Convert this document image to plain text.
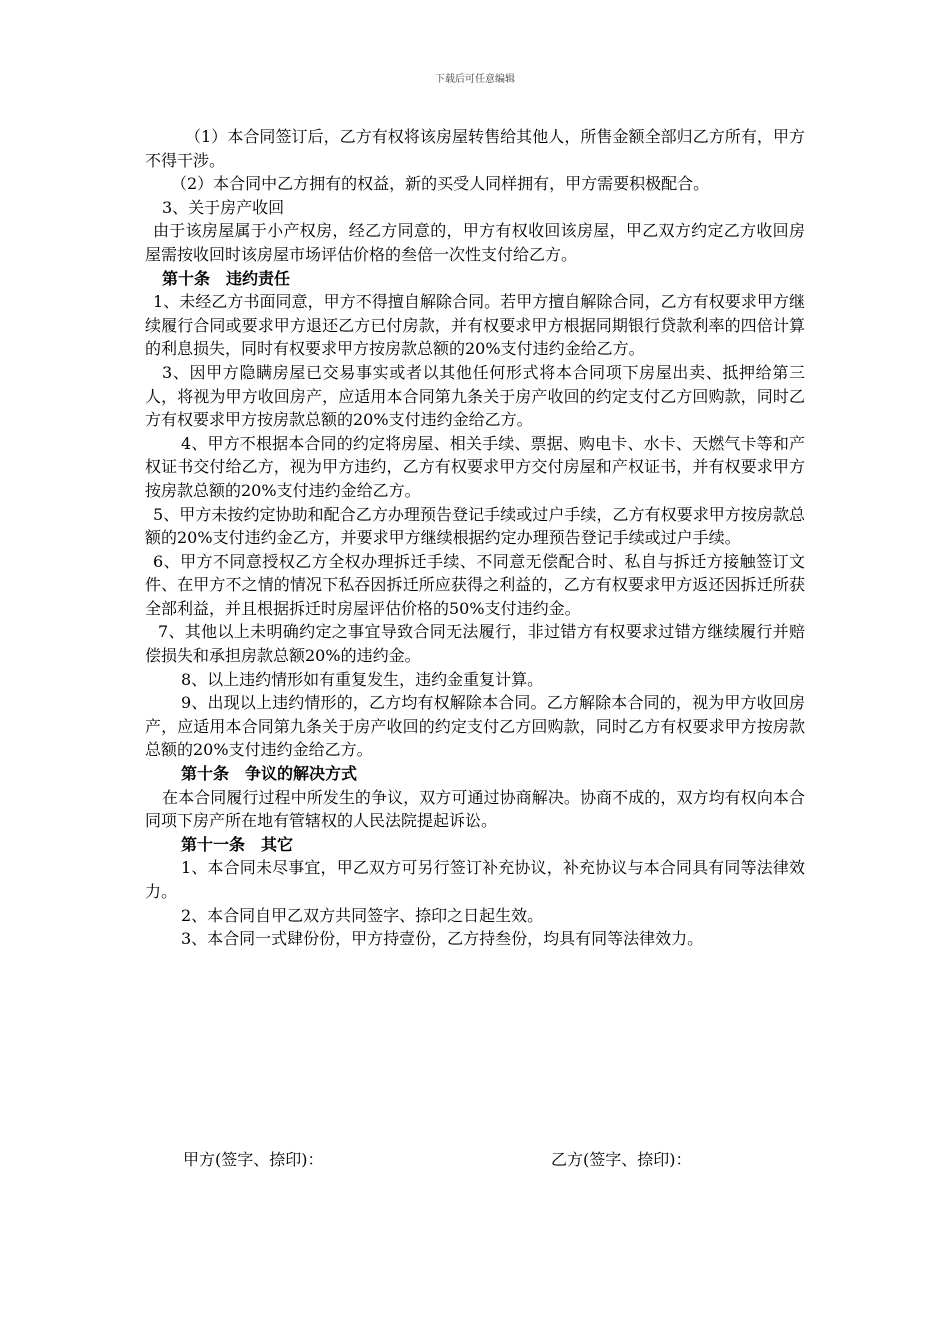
下载后可任意编辑

（1）本合同签订后，乙方有权将该房屋转售给其他人，所售金额全部归乙方所有，甲方不得干涉。

（2）本合同中乙方拥有的权益，新的买受人同样拥有，甲方需要积极配合。

3、关于房产收回

由于该房屋属于小产权房，经乙方同意的，甲方有权收回该房屋，甲乙双方约定乙方收回房屋需按收回时该房屋市场评估价格的叁倍一次性支付给乙方。

第十条　违约责任

1、未经乙方书面同意，甲方不得擅自解除合同。若甲方擅自解除合同，乙方有权要求甲方继续履行合同或要求甲方退还乙方已付房款，并有权要求甲方根据同期银行贷款利率的四倍计算的利息损失，同时有权要求甲方按房款总额的20%支付违约金给乙方。

3、因甲方隐瞒房屋已交易事实或者以其他任何形式将本合同项下房屋出卖、抵押给第三人，将视为甲方收回房产，应适用本合同第九条关于房产收回的约定支付乙方回购款，同时乙方有权要求甲方按房款总额的20%支付违约金给乙方。

4、甲方不根据本合同的约定将房屋、相关手续、票据、购电卡、水卡、天燃气卡等和产权证书交付给乙方，视为甲方违约，乙方有权要求甲方交付房屋和产权证书，并有权要求甲方按房款总额的20%支付违约金给乙方。

5、甲方未按约定协助和配合乙方办理预告登记手续或过户手续，乙方有权要求甲方按房款总额的20%支付违约金乙方，并要求甲方继续根据约定办理预告登记手续或过户手续。

6、甲方不同意授权乙方全权办理拆迁手续、不同意无偿配合时、私自与拆迁方接触签订文件、在甲方不之情的情况下私吞因拆迁所应获得之利益的，乙方有权要求甲方返还因拆迁所获全部利益，并且根据拆迁时房屋评估价格的50%支付违约金。

7、其他以上未明确约定之事宜导致合同无法履行，非过错方有权要求过错方继续履行并赔偿损失和承担房款总额20%的违约金。

8、以上违约情形如有重复发生，违约金重复计算。

9、出现以上违约情形的，乙方均有权解除本合同。乙方解除本合同的，视为甲方收回房产，应适用本合同第九条关于房产收回的约定支付乙方回购款，同时乙方有权要求甲方按房款总额的20%支付违约金给乙方。

第十条　争议的解决方式

在本合同履行过程中所发生的争议，双方可通过协商解决。协商不成的，双方均有权向本合同项下房产所在地有管辖权的人民法院提起诉讼。

第十一条　其它

1、本合同未尽事宜，甲乙双方可另行签订补充协议，补充协议与本合同具有同等法律效力。

2、本合同自甲乙双方共同签字、捺印之日起生效。

3、本合同一式肆份份，甲方持壹份，乙方持叁份，均具有同等法律效力。

甲方(签字、捺印)：	乙方(签字、捺印)：
